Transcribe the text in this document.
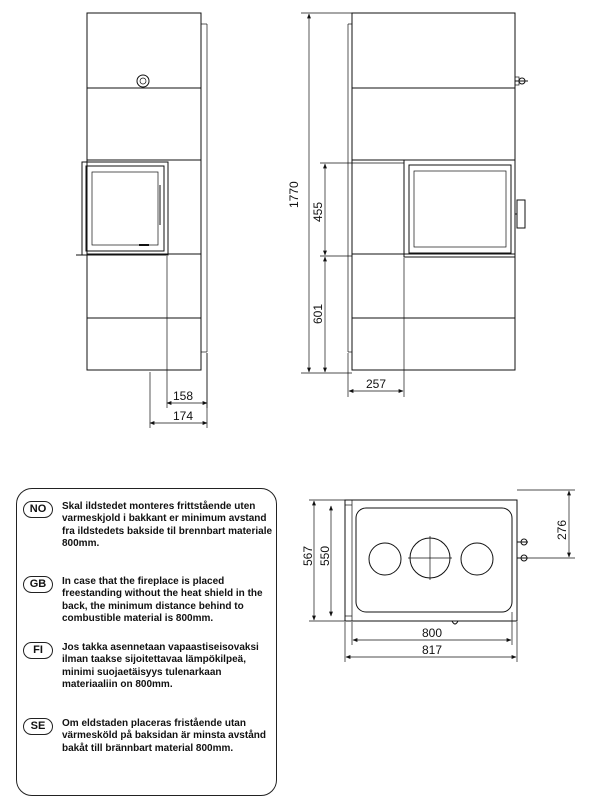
158
174
1770
455
601
257
567 550
276
800
817
NO	Skal ildstedet monteres frittstående uten varmeskjold i bakkant er minimum avstand fra ildstedets bakside til brennbart materiale 800mm.
GB	In case that the fireplace is placed freestanding without the heat shield in the back, the minimum distance behind to combustible material is 800mm.
FI	Jos takka asennetaan vapaastiseisovaksi ilman taakse sijoitettavaa lämpökilpeä, minimi suojaetäisyys tulenarkaan materiaaliin on 800mm.
SE	Om eldstaden placeras fristående utan värmesköld på baksidan är minsta avstånd bakåt till brännbart material 800mm.
